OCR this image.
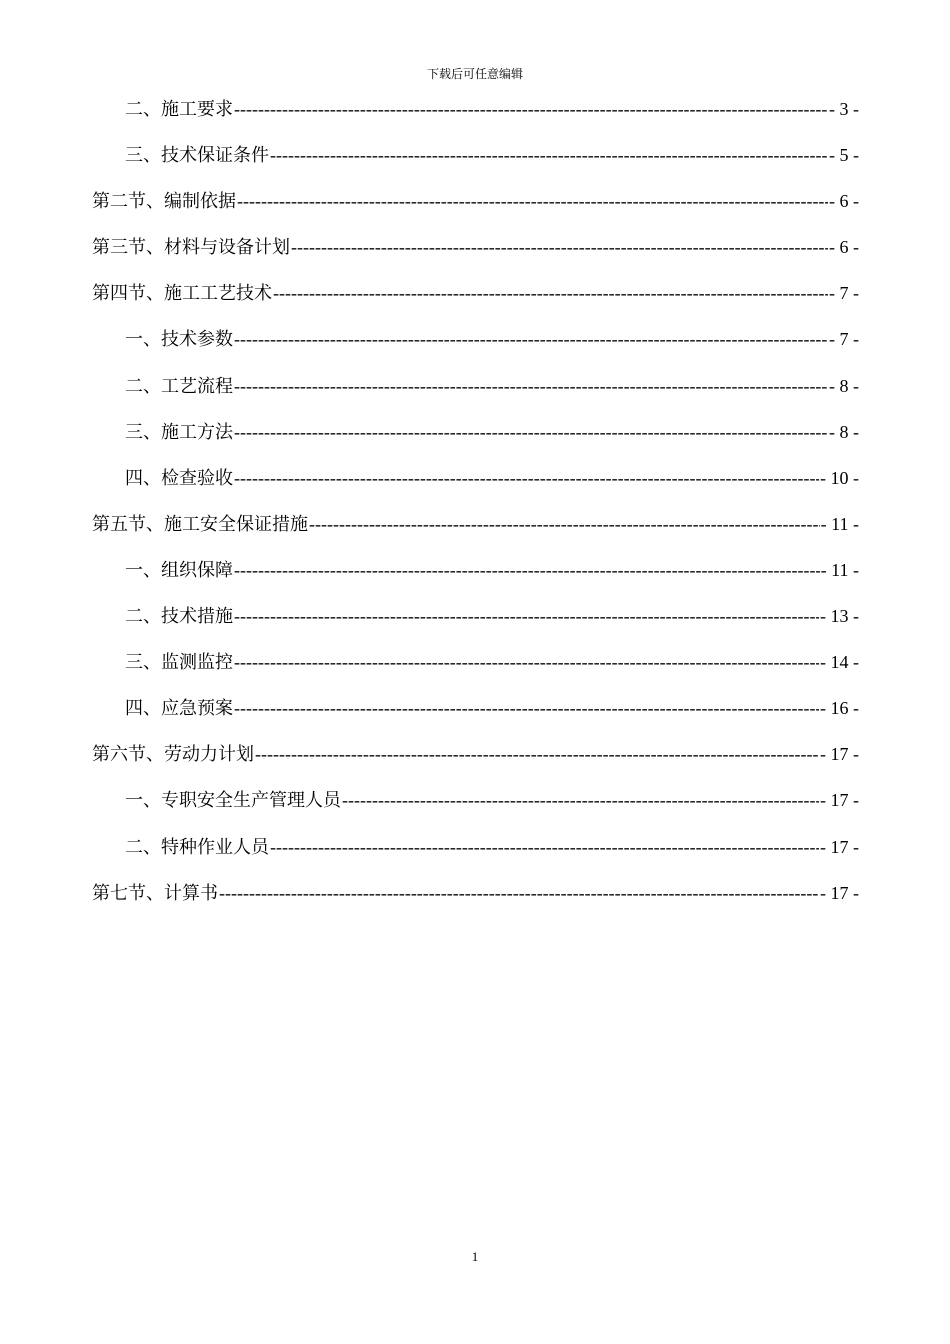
下载后可任意编辑
二、施工要求 -----	- 3 -
三、技术保证条件 -----	- 5 -
第二节、编制依据 -----	- 6 -
第三节、材料与设备计划 -----	- 6 -
第四节、施工工艺技术 -----	- 7 -
一、技术参数 -----	- 7 -
二、工艺流程 -----	- 8 -
三、施工方法 -----	- 8 -
四、检查验收 -----	- 10 -
第五节、施工安全保证措施 -----	- 11 -
一、组织保障 -----	- 11 -
二、技术措施 -----	- 13 -
三、监测监控 -----	- 14 -
四、应急预案 -----	- 16 -
第六节、劳动力计划 -----	- 17 -
一、专职安全生产管理人员 -----	- 17 -
二、特种作业人员 -----	- 17 -
第七节、计算书 -----	- 17 -
1
